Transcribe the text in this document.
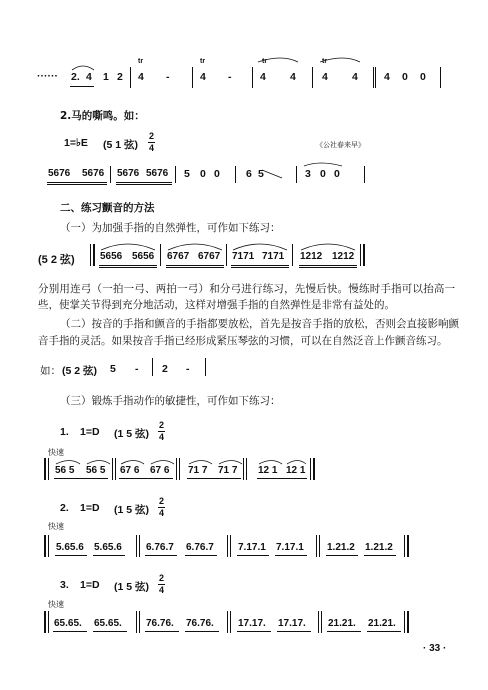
······ 2. 4 1 2
tr
4 -
tr
4 -
tr
4 4
tr
4 4 4 0 0
2.马的嘶鸣。如：
1=♭E (5 1 弦)
2
4	《公社春来早》
5676 5676 5676 5676 5 0 0 6 5	3 0 0
二、练习颤音的方法
（一）为加强手指的自然弹性，可作如下练习：
(5 2 弦)	5656 5656 6767 6767 7171 7171 1212 1212
分别用连弓（一拍一弓、两拍一弓）和分弓进行练习，先慢后快。慢练时手指可以抬高一
些，使掌关节得到充分地活动，这样对增强手指的自然弹性是非常有益处的。
（二）按音的手指和颤音的手指都要放松，首先是按音手指的放松，否则会直接影响颤
音手指的灵活。如果按音手指已经形成紧压琴弦的习惯，可以在自然泛音上作颤音练习。
如： (5 2 弦) 5 - 2 -
（三）锻炼手指动作的敏捷性，可作如下练习：
1. 1=D (1 5 弦)
2
4
快速
56 5 56 5 67 6 67 6 71 7 71 7 12 1 12 1
2. 1=D (1 5 弦)
2
4
快速
5.65.6 5.65.6 6.76.7 6.76.7 7.17.1 7.17.1 1.21.2 1.21.2
3. 1=D (1 5 弦)
2
4
快速
65.65. 65.65. 76.76. 76.76. 17.17. 17.17. 21.21. 21.21.
· 33 ·
